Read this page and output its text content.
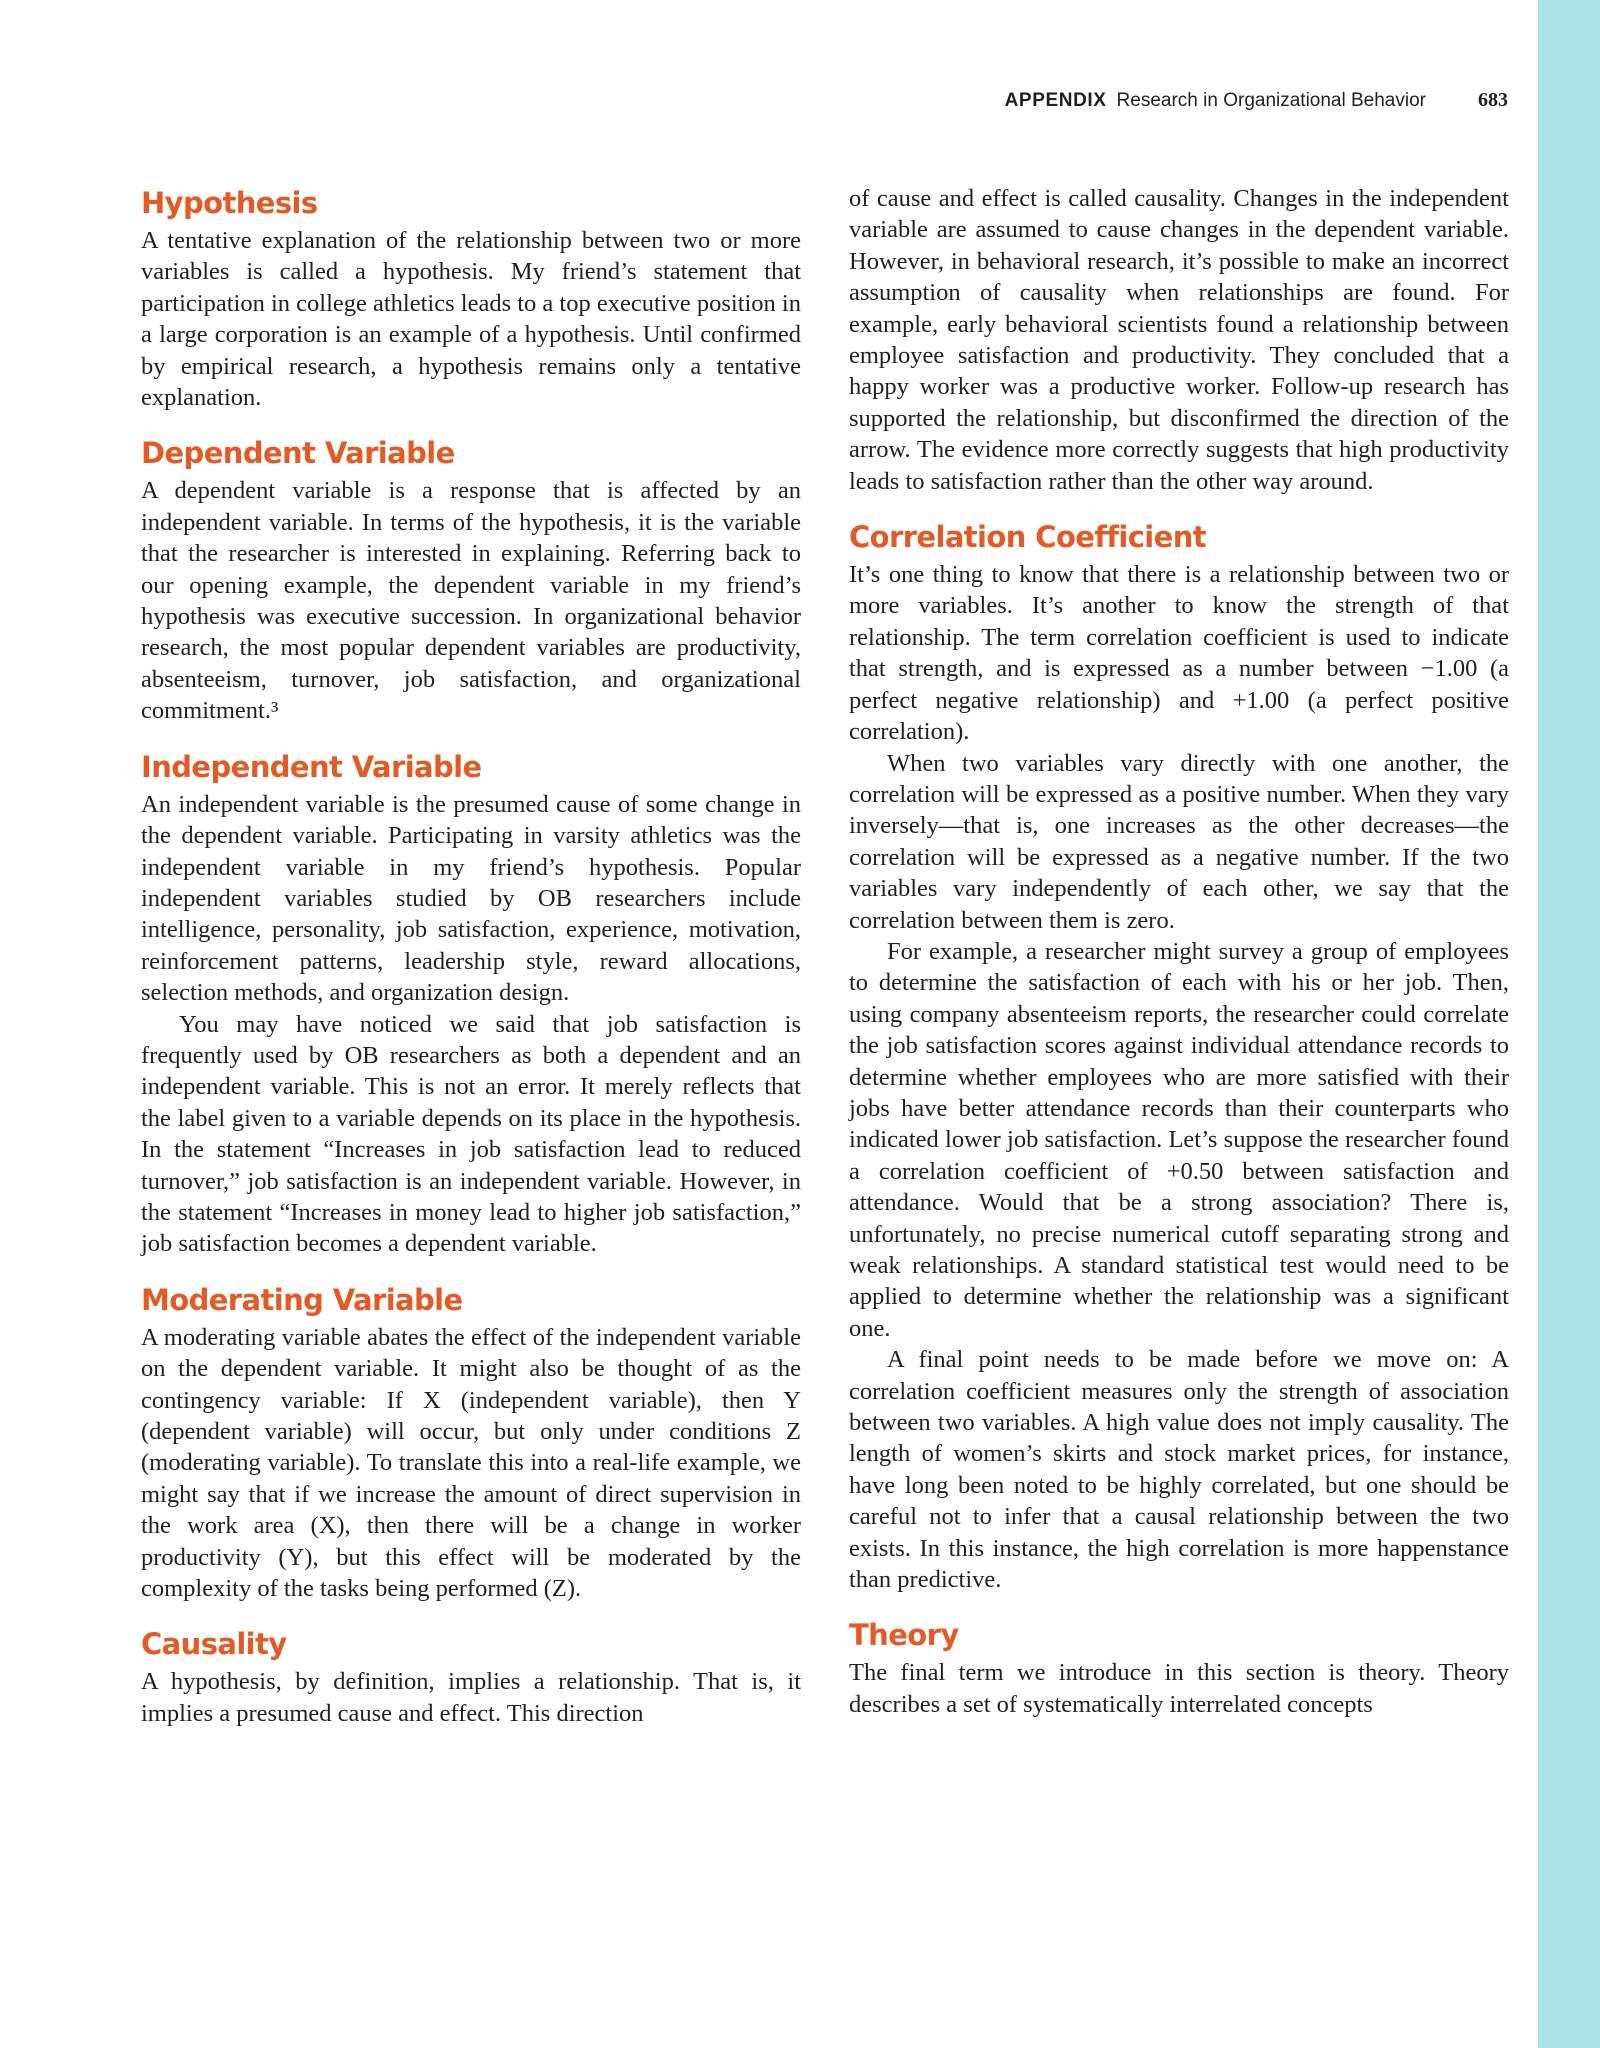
APPENDIX Research in Organizational Behavior	683
Hypothesis

A tentative explanation of the relationship between two or more variables is called a hypothesis. My friend’s statement that participation in college athletics leads to a top executive position in a large corporation is an example of a hypothesis. Until confirmed by empirical research, a hypothesis remains only a tentative explanation.

Dependent Variable

A dependent variable is a response that is affected by an independent variable. In terms of the hypothesis, it is the variable that the researcher is interested in explaining. Referring back to our opening example, the dependent variable in my friend’s hypothesis was executive succession. In organizational behavior research, the most popular dependent variables are productivity, absenteeism, turnover, job satisfaction, and organizational commitment.³

Independent Variable

An independent variable is the presumed cause of some change in the dependent variable. Participating in varsity athletics was the independent variable in my friend’s hypothesis. Popular independent variables studied by OB researchers include intelligence, personality, job satisfaction, experience, motivation, reinforcement patterns, leadership style, reward allocations, selection methods, and organization design.

You may have noticed we said that job satisfaction is frequently used by OB researchers as both a dependent and an independent variable. This is not an error. It merely reflects that the label given to a variable depends on its place in the hypothesis. In the statement “Increases in job satisfaction lead to reduced turnover,” job satisfaction is an independent variable. However, in the statement “Increases in money lead to higher job satisfaction,” job satisfaction becomes a dependent variable.

Moderating Variable

A moderating variable abates the effect of the independent variable on the dependent variable. It might also be thought of as the contingency variable: If X (independent variable), then Y (dependent variable) will occur, but only under conditions Z (moderating variable). To translate this into a real-life example, we might say that if we increase the amount of direct supervision in the work area (X), then there will be a change in worker productivity (Y), but this effect will be moderated by the complexity of the tasks being performed (Z).

Causality

A hypothesis, by definition, implies a relationship. That is, it implies a presumed cause and effect. This direction

of cause and effect is called causality. Changes in the independent variable are assumed to cause changes in the dependent variable. However, in behavioral research, it’s possible to make an incorrect assumption of causality when relationships are found. For example, early behavioral scientists found a relationship between employee satisfaction and productivity. They concluded that a happy worker was a productive worker. Follow-up research has supported the relationship, but disconfirmed the direction of the arrow. The evidence more correctly suggests that high productivity leads to satisfaction rather than the other way around.

Correlation Coefficient

It’s one thing to know that there is a relationship between two or more variables. It’s another to know the strength of that relationship. The term correlation coefficient is used to indicate that strength, and is expressed as a number between −1.00 (a perfect negative relationship) and +1.00 (a perfect positive correlation).

When two variables vary directly with one another, the correlation will be expressed as a positive number. When they vary inversely—that is, one increases as the other decreases—the correlation will be expressed as a negative number. If the two variables vary independently of each other, we say that the correlation between them is zero.

For example, a researcher might survey a group of employees to determine the satisfaction of each with his or her job. Then, using company absenteeism reports, the researcher could correlate the job satisfaction scores against individual attendance records to determine whether employees who are more satisfied with their jobs have better attendance records than their counterparts who indicated lower job satisfaction. Let’s suppose the researcher found a correlation coefficient of +0.50 between satisfaction and attendance. Would that be a strong association? There is, unfortunately, no precise numerical cutoff separating strong and weak relationships. A standard statistical test would need to be applied to determine whether the relationship was a significant one.

A final point needs to be made before we move on: A correlation coefficient measures only the strength of association between two variables. A high value does not imply causality. The length of women’s skirts and stock market prices, for instance, have long been noted to be highly correlated, but one should be careful not to infer that a causal relationship between the two exists. In this instance, the high correlation is more happenstance than predictive.

Theory

The final term we introduce in this section is theory. Theory describes a set of systematically interrelated concepts
